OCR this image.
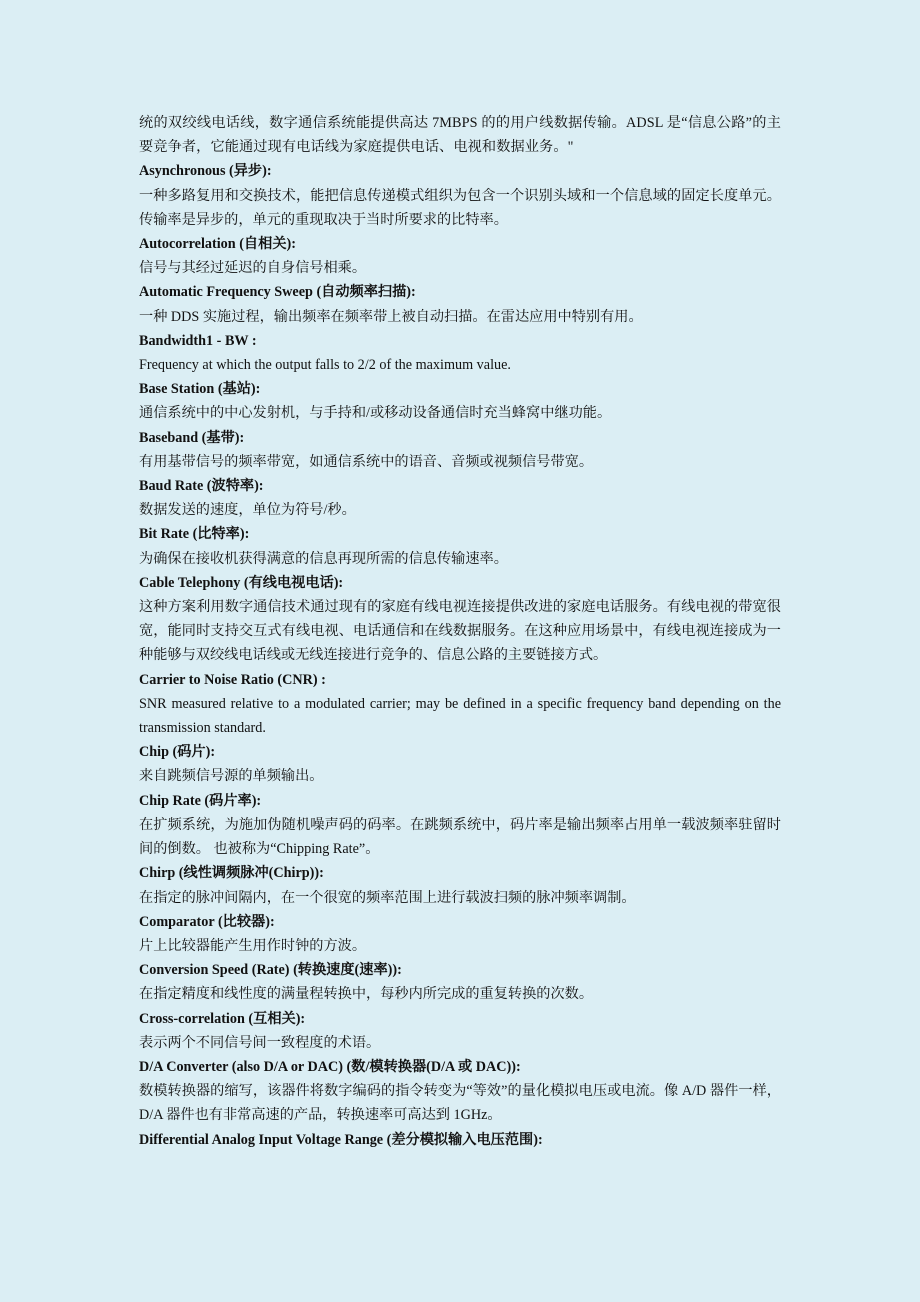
统的双绞线电话线，数字通信系统能提供高达 7MBPS 的的用户线数据传输。ADSL 是“信息公路”的主要竞争者，它能通过现有电话线为家庭提供电话、电视和数据业务。"

Asynchronous (异步):

一种多路复用和交换技术，能把信息传递模式组织为包含一个识别头域和一个信息域的固定长度单元。传输率是异步的，单元的重现取决于当时所要求的比特率。

Autocorrelation (自相关):

信号与其经过延迟的自身信号相乘。

Automatic Frequency Sweep (自动频率扫描):

一种 DDS 实施过程，输出频率在频率带上被自动扫描。在雷达应用中特别有用。

Bandwidth1 - BW :

Frequency at which the output falls to 2/2 of the maximum value.

Base Station (基站):

通信系统中的中心发射机，与手持和/或移动设备通信时充当蜂窝中继功能。

Baseband (基带):

有用基带信号的频率带宽，如通信系统中的语音、音频或视频信号带宽。

Baud Rate (波特率):

数据发送的速度，单位为符号/秒。

Bit Rate (比特率):

为确保在接收机获得满意的信息再现所需的信息传输速率。

Cable Telephony (有线电视电话):

这种方案利用数字通信技术通过现有的家庭有线电视连接提供改进的家庭电话服务。有线电视的带宽很宽，能同时支持交互式有线电视、电话通信和在线数据服务。在这种应用场景中，有线电视连接成为一种能够与双绞线电话线或无线连接进行竞争的、信息公路的主要链接方式。

Carrier to Noise Ratio (CNR) :

SNR measured relative to a modulated carrier; may be defined in a specific frequency band depending on the transmission standard.

Chip (码片):

来自跳频信号源的单频输出。

Chip Rate (码片率):

在扩频系统，为施加伪随机噪声码的码率。在跳频系统中，码片率是输出频率占用单一载波频率驻留时间的倒数。 也被称为“Chipping Rate”。

Chirp (线性调频脉冲(Chirp)):

在指定的脉冲间隔内，在一个很宽的频率范围上进行载波扫频的脉冲频率调制。

Comparator (比较器):

片上比较器能产生用作时钟的方波。

Conversion Speed (Rate) (转换速度(速率)):

在指定精度和线性度的满量程转换中，每秒内所完成的重复转换的次数。

Cross-correlation (互相关):

表示两个不同信号间一致程度的术语。

D/A Converter (also D/A or DAC) (数/模转换器(D/A 或 DAC)):

数模转换器的缩写，该器件将数字编码的指令转变为“等效”的量化模拟电压或电流。像 A/D 器件一样，D/A 器件也有非常高速的产品，转换速率可高达到 1GHz。

Differential Analog Input Voltage Range (差分模拟输入电压范围):
